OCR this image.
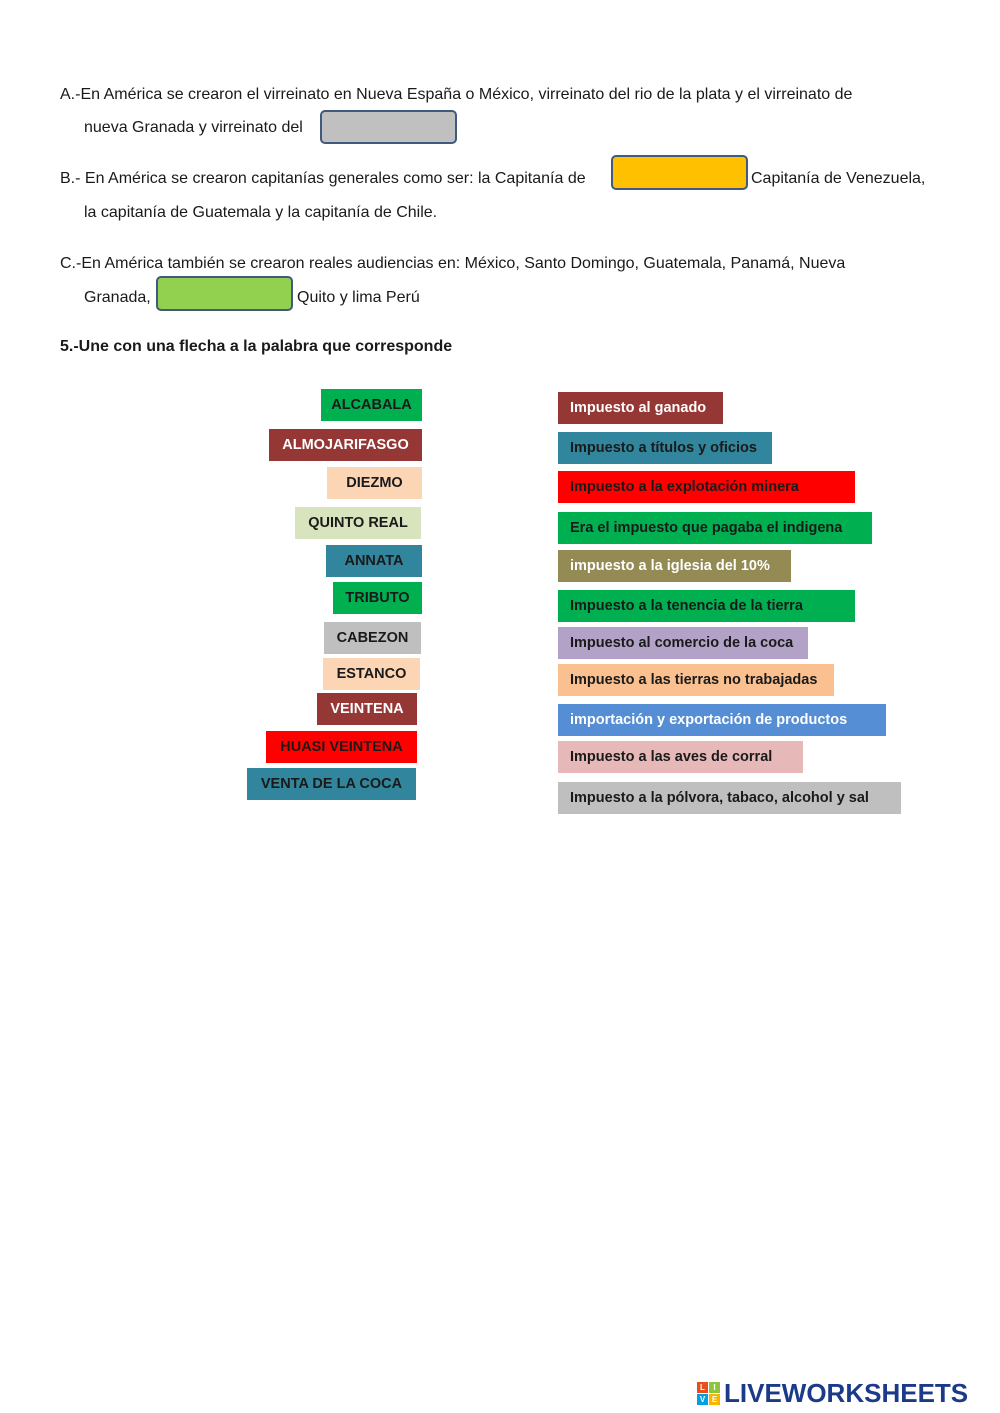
A.-En América se crearon el virreinato en Nueva España o México, virreinato del rio de la plata y el virreinato de
nueva Granada y virreinato del
B.- En América se crearon capitanías generales como ser: la Capitanía de	Capitanía de Venezuela,
la capitanía de Guatemala y la capitanía de Chile.
C.-En América también se crearon reales audiencias en: México, Santo Domingo, Guatemala, Panamá, Nueva
Granada,	Quito y lima Perú
5.-Une con una flecha a la palabra que corresponde
ALCABALA
ALMOJARIFASGO
DIEZMO
QUINTO REAL
ANNATA
TRIBUTO
CABEZON
ESTANCO
VEINTENA
HUASI VEINTENA
VENTA DE LA COCA
Impuesto al ganado
Impuesto a títulos y oficios
Impuesto a la explotación minera
Era el impuesto que pagaba el indigena
impuesto a la iglesia del 10%
Impuesto a la tenencia de la tierra
Impuesto al comercio de la coca
Impuesto a las tierras no trabajadas
importación y exportación de productos
Impuesto a las aves de corral
Impuesto a la pólvora, tabaco, alcohol y sal
L	I
V E LIVEWORKSHEETS
